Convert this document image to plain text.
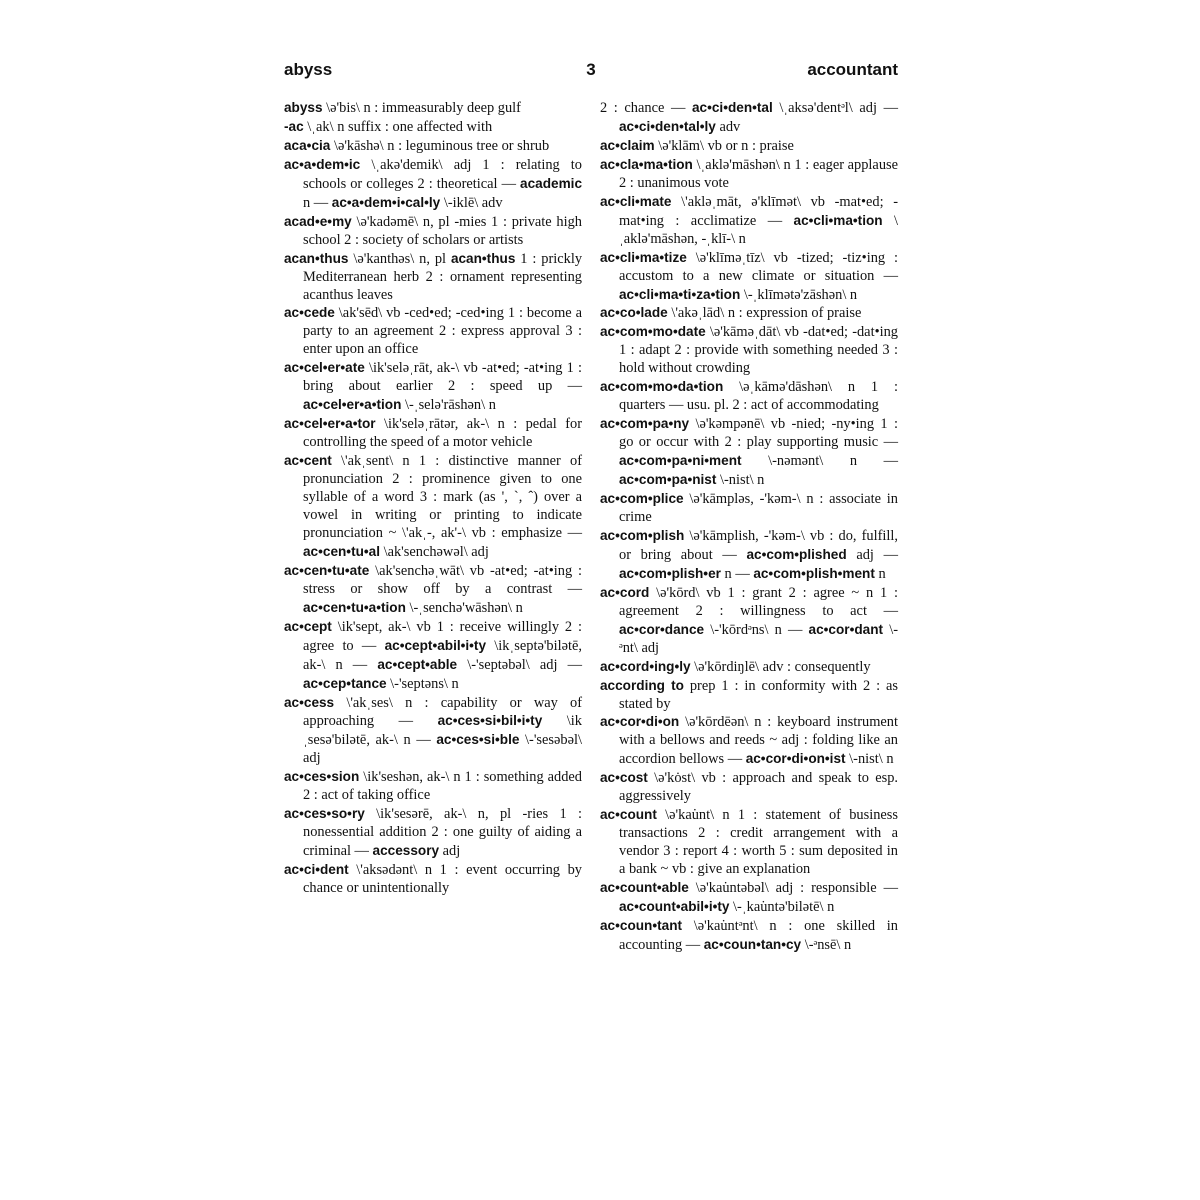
abyss	3	accountant

abyss \ə'bis\ n : immeasurably deep gulf

-ac \ˌak\ n suffix : one affected with

aca•cia \ə'kāshə\ n : leguminous tree or shrub

ac•a•dem•ic \ˌakə'demik\ adj 1 : relating to schools or colleges 2 : theoretical — academic n — ac•a•dem•i•cal•ly \-iklē\ adv

acad•e•my \ə'kadəmē\ n, pl -mies 1 : private high school 2 : society of scholars or artists

acan•thus \ə'kanthəs\ n, pl acan•thus 1 : prickly Mediterranean herb 2 : ornament representing acanthus leaves

ac•cede \ak'sēd\ vb -ced•ed; -ced•ing 1 : become a party to an agreement 2 : express approval 3 : enter upon an office

ac•cel•er•ate \ik'seləˌrāt, ak-\ vb -at•ed; -at•ing 1 : bring about earlier 2 : speed up — ac•cel•er•a•tion \-ˌselə'rāshən\ n

ac•cel•er•a•tor \ik'seləˌrātər, ak-\ n : pedal for controlling the speed of a motor vehicle

ac•cent \'akˌsent\ n 1 : distinctive manner of pronunciation 2 : prominence given to one syllable of a word 3 : mark (as ', `, ˆ) over a vowel in writing or printing to indicate pronunciation ~ \'akˌ-, ak'-\ vb : emphasize — ac•cen•tu•al \ak'senchəwəl\ adj

ac•cen•tu•ate \ak'senchəˌwāt\ vb -at•ed; -at•ing : stress or show off by a contrast — ac•cen•tu•a•tion \-ˌsenchə'wāshən\ n

ac•cept \ik'sept, ak-\ vb 1 : receive willingly 2 : agree to — ac•cept•abil•i•ty \ikˌseptə'bilətē, ak-\ n — ac•cept•able \-'septəbəl\ adj — ac•cep•tance \-'septəns\ n

ac•cess \'akˌses\ n : capability or way of approaching — ac•ces•si•bil•i•ty \ikˌsesə'bilətē, ak-\ n — ac•ces•si•ble \-'sesəbəl\ adj

ac•ces•sion \ik'seshən, ak-\ n 1 : something added 2 : act of taking office

ac•ces•so•ry \ik'sesərē, ak-\ n, pl -ries 1 : nonessential addition 2 : one guilty of aiding a criminal — accessory adj

ac•ci•dent \'aksədənt\ n 1 : event occurring by chance or unintentionally

2 : chance — ac•ci•den•tal \ˌaksə'dentᵊl\ adj — ac•ci•den•tal•ly adv

ac•claim \ə'klām\ vb or n : praise

ac•cla•ma•tion \ˌaklə'māshən\ n 1 : eager applause 2 : unanimous vote

ac•cli•mate \'akləˌmāt, ə'klīmət\ vb -mat•ed; -mat•ing : acclimatize — ac•cli•ma•tion \ˌaklə'māshən, -ˌklī-\ n

ac•cli•ma•tize \ə'klīməˌtīz\ vb -tized; -tiz•ing : accustom to a new climate or situation — ac•cli•ma•ti•za•tion \-ˌklīmətə'zāshən\ n

ac•co•lade \'akəˌlād\ n : expression of praise

ac•com•mo•date \ə'kāməˌdāt\ vb -dat•ed; -dat•ing 1 : adapt 2 : provide with something needed 3 : hold without crowding

ac•com•mo•da•tion \əˌkāmə'dāshən\ n 1 : quarters — usu. pl. 2 : act of accommodating

ac•com•pa•ny \ə'kəmpənē\ vb -nied; -ny•ing 1 : go or occur with 2 : play supporting music — ac•com•pa•ni•ment \-nəmənt\ n — ac•com•pa•nist \-nist\ n

ac•com•plice \ə'kāmpləs, -'kəm-\ n : associate in crime

ac•com•plish \ə'kāmplish, -'kəm-\ vb : do, fulfill, or bring about — ac•com•plished adj — ac•com•plish•er n — ac•com•plish•ment n

ac•cord \ə'kōrd\ vb 1 : grant 2 : agree ~ n 1 : agreement 2 : willingness to act — ac•cor•dance \-'kōrdᵊns\ n — ac•cor•dant \-ᵊnt\ adj

ac•cord•ing•ly \ə'kōrdiŋlē\ adv : consequently

according to prep 1 : in conformity with 2 : as stated by

ac•cor•di•on \ə'kōrdēən\ n : keyboard instrument with a bellows and reeds ~ adj : folding like an accordion bellows — ac•cor•di•on•ist \-nist\ n

ac•cost \ə'kȯst\ vb : approach and speak to esp. aggressively

ac•count \ə'kau̇nt\ n 1 : statement of business transactions 2 : credit arrangement with a vendor 3 : report 4 : worth 5 : sum deposited in a bank ~ vb : give an explanation

ac•count•able \ə'kau̇ntəbəl\ adj : responsible — ac•count•abil•i•ty \-ˌkau̇ntə'bilətē\ n

ac•coun•tant \ə'kau̇ntᵊnt\ n : one skilled in accounting — ac•coun•tan•cy \-ᵊnsē\ n
